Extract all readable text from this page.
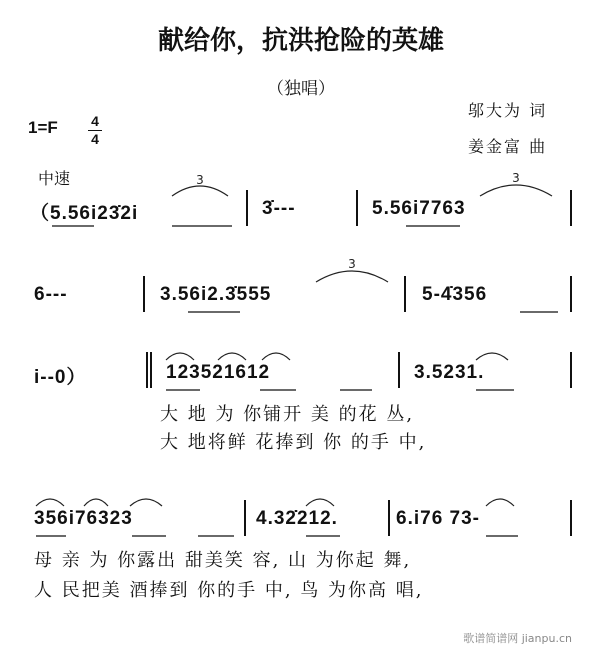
献给你，抗洪抢险的英雄
（独唱）
邬大为 词
姜金富 曲
1=F 4
4
中速
（5.56i23̇2i	3̇---	5.56i7763
6---	3.56i2.3̇555	5-4̇356
i--0）	123521612	3.5231.
大 地 为 你铺开 美 的花 丛,
大 地将鲜 花捧到 你 的手 中,
356i76323	4.32̇212.	6.i76 73-
母 亲 为 你露出 甜美笑 容, 山 为你起 舞,
人 民把美 酒捧到 你的手 中, 鸟 为你高 唱,
3	3
3
歌谱简谱网 jianpu.cn
